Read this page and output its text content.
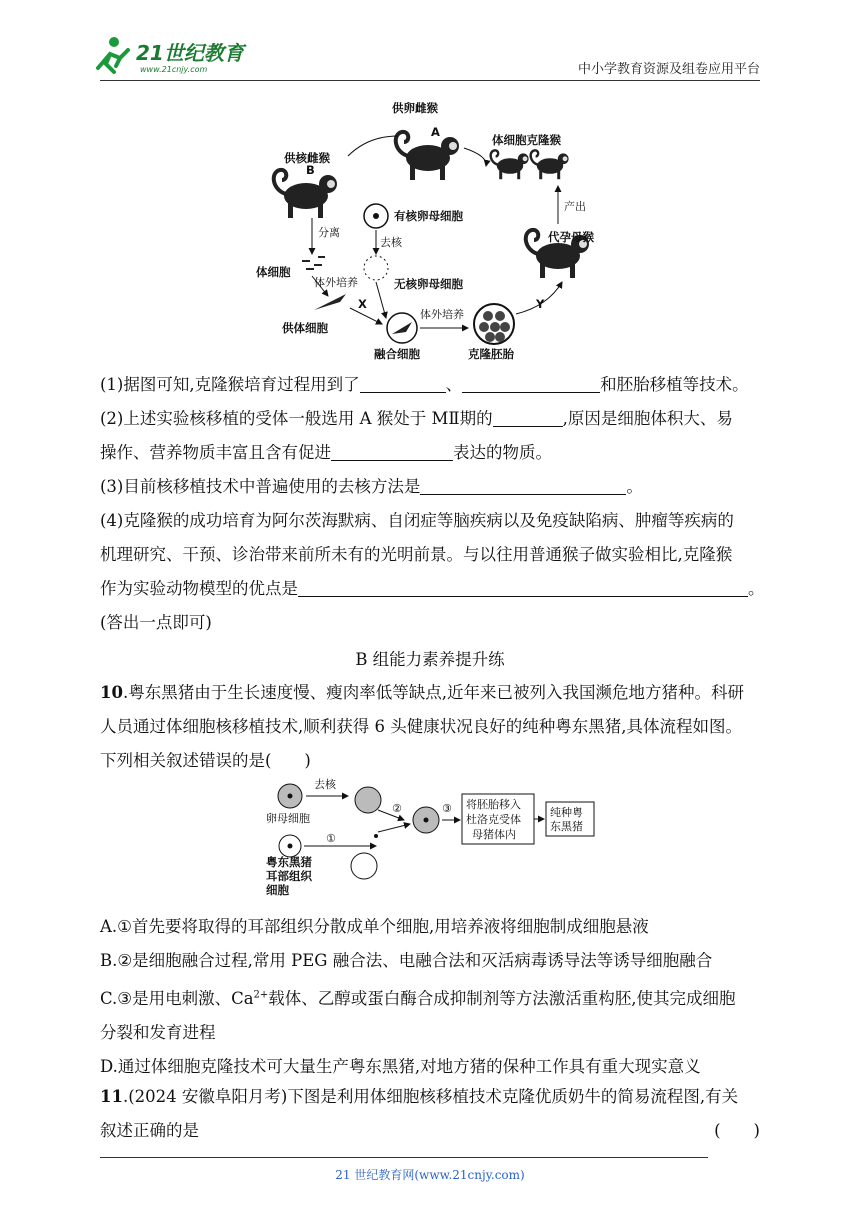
21世纪教育
www.21cnjy.com	中小学教育资源及组卷应用平台
供卵雌猴
A
供核雌猴
B
体细胞克隆猴
分离
体细胞
体外培养
供体细胞
有核卵母细胞
去核
无核卵母细胞
X
融合细胞
体外培养
克隆胚胎
Y
代孕母猴
产出
(1)据图可知,克隆猴培育过程用到了	、	和胚胎移植等技术。
(2)上述实验核移植的受体一般选用 A 猴处于 MⅡ期的	,原因是细胞体积大、易
操作、营养物质丰富且含有促进	表达的物质。
(3)目前核移植技术中普遍使用的去核方法是	。
(4)克隆猴的成功培育为阿尔茨海默病、自闭症等脑疾病以及免疫缺陷病、肿瘤等疾病的
机理研究、干预、诊治带来前所未有的光明前景。与以往用普通猴子做实验相比,克隆猴
作为实验动物模型的优点是	。
(答出一点即可)
B 组能力素养提升练
10.粤东黑猪由于生长速度慢、瘦肉率低等缺点,近年来已被列入我国濒危地方猪种。科研
人员通过体细胞核移植技术,顺利获得 6 头健康状况良好的纯种粤东黑猪,具体流程如图。
下列相关叙述错误的是(　　)
卵母细胞
去核
②	③ 将胚胎移入
杜洛克受体
母猪体内
纯种粤
东黑猪
①
粤东黑猪
耳部组织
细胞
A.①首先要将取得的耳部组织分散成单个细胞,用培养液将细胞制成细胞悬液
B.②是细胞融合过程,常用 PEG 融合法、电融合法和灭活病毒诱导法等诱导细胞融合
C.③是用电刺激、$Ca^{2+}$载体、乙醇或蛋白酶合成抑制剂等方法激活重构胚,使其完成细胞
分裂和发育进程
D.通过体细胞克隆技术可大量生产粤东黑猪,对地方猪的保种工作具有重大现实意义
11.(2024 安徽阜阳月考)下图是利用体细胞核移植技术克隆优质奶牛的简易流程图,有关
叙述正确的是	(　　)
21 世纪教育网(www.21cnjy.com)
